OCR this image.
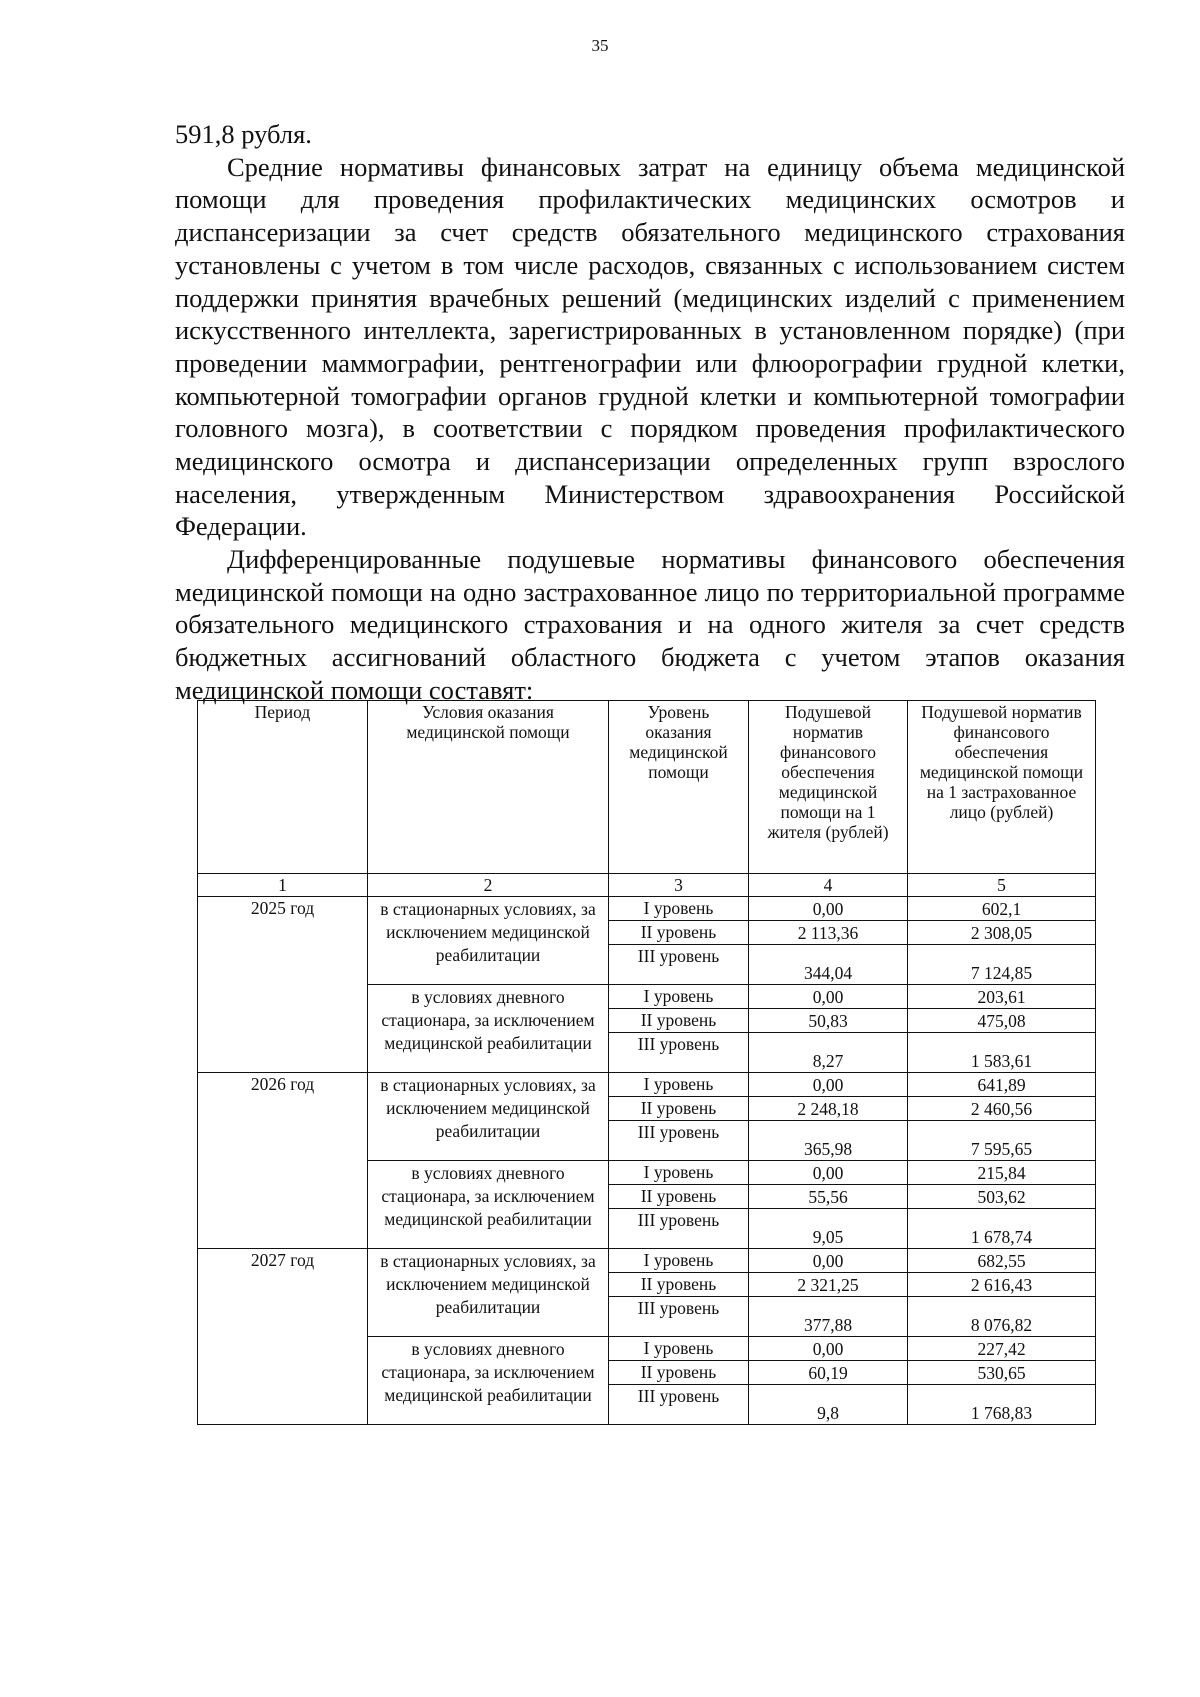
35

591,8 рубля.

Средние нормативы финансовых затрат на единицу объема медицинской помощи для проведения профилактических медицинских осмотров и диспансеризации за счет средств обязательного медицинского страхования установлены с учетом в том числе расходов, связанных с использованием систем поддержки принятия врачебных решений (медицинских изделий с применением искусственного интеллекта, зарегистрированных в установленном порядке) (при проведении маммографии, рентгенографии или флюорографии грудной клетки, компьютерной томографии органов грудной клетки и компьютерной томографии головного мозга), в соответствии с порядком проведения профилактического медицинского осмотра и диспансеризации определенных групп взрослого населения, утвержденным Министерством здравоохранения Российской Федерации.

Дифференцированные подушевые нормативы финансового обеспечения медицинской помощи на одно застрахованное лицо по территориальной программе обязательного медицинского страхования и на одного жителя за счет средств бюджетных ассигнований областного бюджета с учетом этапов оказания медицинской помощи составят:

Период	Условия оказания медицинской помощи	Уровень оказания медицинской помощи	Подушевой норматив финансового обеспечения медицинской помощи на 1 жителя (рублей)	Подушевой норматив финансового обеспечения медицинской помощи на 1 застрахованное лицо (рублей)
1	2	3	4	5
2025 год	в стационарных условиях, за исключением медицинской реабилитации	I уровень	0,00	602,1
		II уровень	2 113,36	2 308,05
		III уровень	344,04	7 124,85
	в условиях дневного стационара, за исключением медицинской реабилитации	I уровень	0,00	203,61
		II уровень	50,83	475,08
		III уровень	8,27	1 583,61
2026 год	в стационарных условиях, за исключением медицинской реабилитации	I уровень	0,00	641,89
		II уровень	2 248,18	2 460,56
		III уровень	365,98	7 595,65
	в условиях дневного стационара, за исключением медицинской реабилитации	I уровень	0,00	215,84
		II уровень	55,56	503,62
		III уровень	9,05	1 678,74
2027 год	в стационарных условиях, за исключением медицинской реабилитации	I уровень	0,00	682,55
		II уровень	2 321,25	2 616,43
		III уровень	377,88	8 076,82
	в условиях дневного стационара, за исключением медицинской реабилитации	I уровень	0,00	227,42
		II уровень	60,19	530,65
		III уровень	9,8	1 768,83
